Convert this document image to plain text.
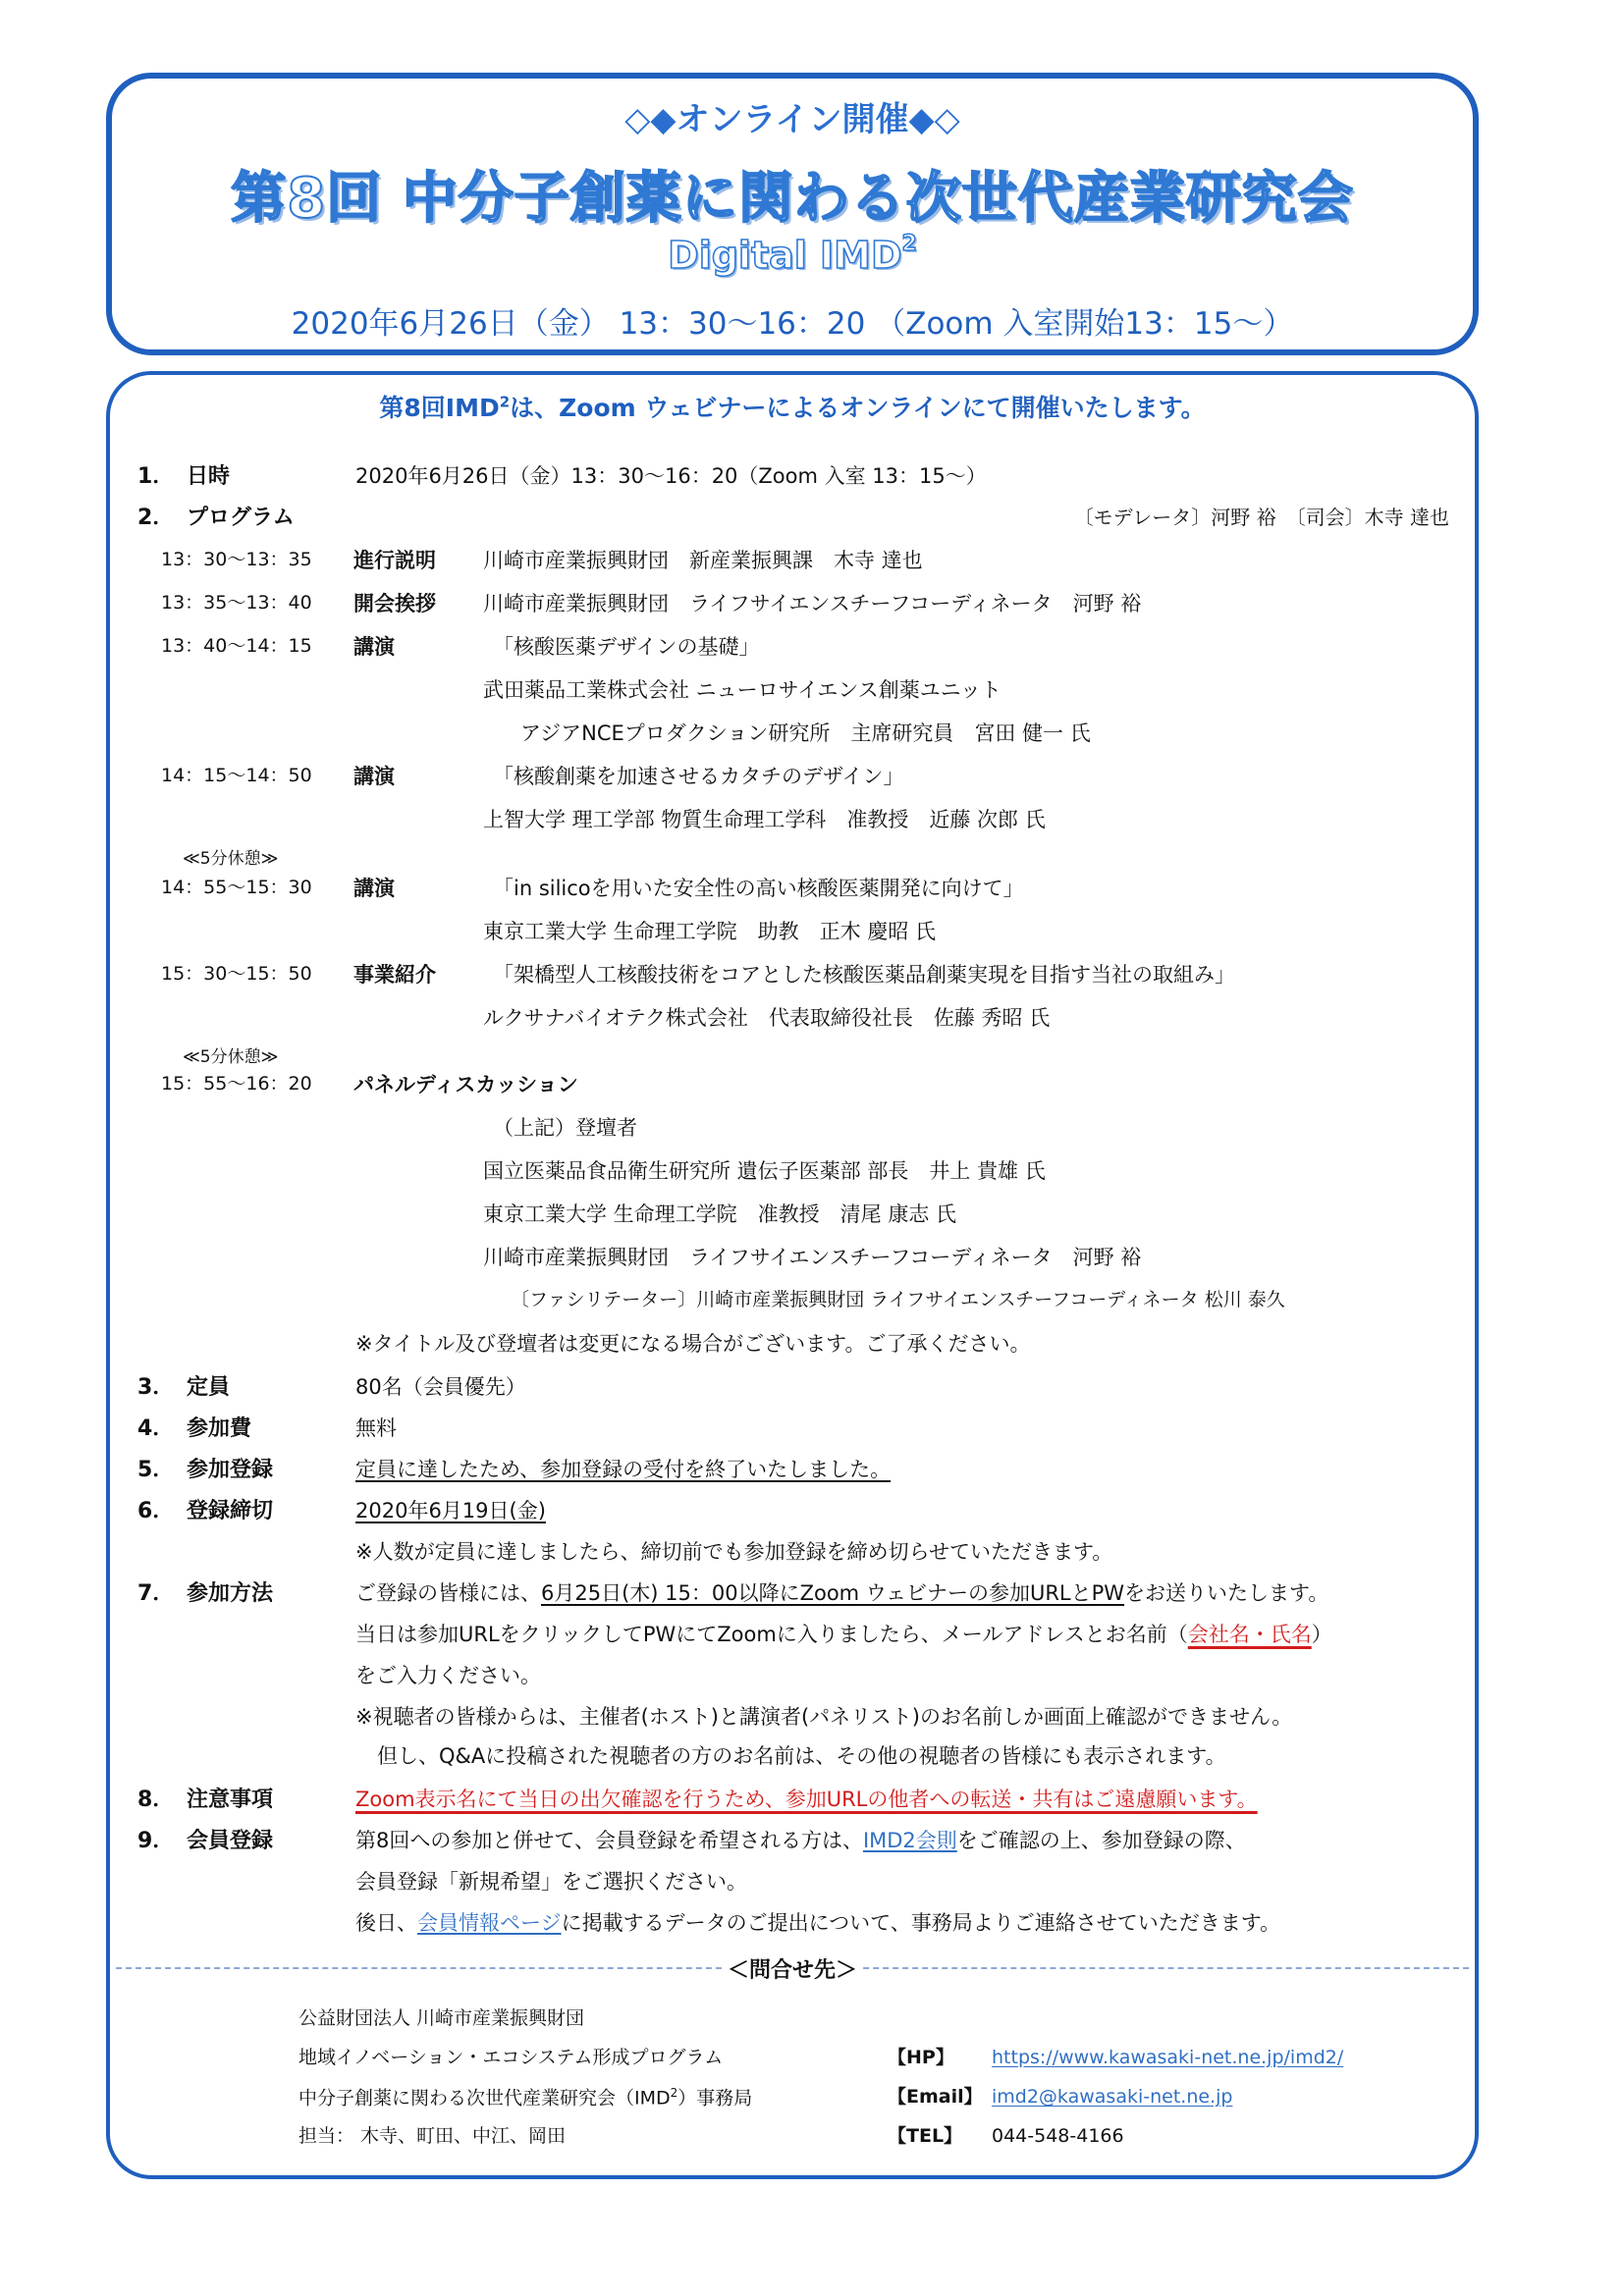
◇◆オンライン開催◆◇
第8回 中分子創薬に関わる次世代産業研究会
Digital IMD$^2$
2020年6月26日（金） 13：30～16：20 （Zoom 入室開始13：15～）
第8回IMD$^2$は、Zoom ウェビナーによるオンラインにて開催いたします。
1． 日時	2020年6月26日（金）13：30～16：20（Zoom 入室 13：15～）
2． プログラム	〔モデレータ〕河野 裕　〔司会〕木寺 達也
13：30～13：35 進行説明 川崎市産業振興財団　新産業振興課　木寺 達也
13：35～13：40 開会挨拶 川崎市産業振興財団　ライフサイエンスチーフコーディネータ　河野 裕
13：40～14：15 講演	「核酸医薬デザインの基礎」
武田薬品工業株式会社 ニューロサイエンス創薬ユニット
アジアNCEプロダクション研究所　主席研究員　宮田 健一 氏
14：15～14：50 講演	「核酸創薬を加速させるカタチのデザイン」
上智大学 理工学部 物質生命理工学科　准教授　近藤 次郎 氏
≪5分休憩≫
14：55～15：30 講演	「in silicoを用いた安全性の高い核酸医薬開発に向けて」
東京工業大学 生命理工学院　助教　正木 慶昭 氏
15：30～15：50 事業紹介	「架橋型人工核酸技術をコアとした核酸医薬品創薬実現を目指す当社の取組み」
ルクサナバイオテク株式会社　代表取締役社長　佐藤 秀昭 氏
≪5分休憩≫
15：55～16：20 パネルディスカッション
（上記）登壇者
国立医薬品食品衛生研究所 遺伝子医薬部 部長　井上 貴雄 氏
東京工業大学 生命理工学院　准教授　清尾 康志 氏
川崎市産業振興財団　ライフサイエンスチーフコーディネータ　河野 裕
〔ファシリテーター〕川崎市産業振興財団 ライフサイエンスチーフコーディネータ 松川 泰久
※タイトル及び登壇者は変更になる場合がございます。ご了承ください。
3． 定員	80名（会員優先）
4． 参加費	無料
5． 参加登録	定員に達したため、参加登録の受付を終了いたしました。
6． 登録締切	2020年6月19日(金)
※人数が定員に達しましたら、締切前でも参加登録を締め切らせていただきます。
7． 参加方法	ご登録の皆様には、6月25日(木) 15：00以降にZoom ウェビナーの参加URLとPWをお送りいたします。
当日は参加URLをクリックしてPWにてZoomに入りましたら、メールアドレスとお名前（会社名・氏名）
をご入力ください。
※視聴者の皆様からは、主催者(ホスト)と講演者(パネリスト)のお名前しか画面上確認ができません。
但し、Q&Aに投稿された視聴者の方のお名前は、その他の視聴者の皆様にも表示されます。
8． 注意事項	Zoom表示名にて当日の出欠確認を行うため、参加URLの他者への転送・共有はご遠慮願います。
9． 会員登録	第8回への参加と併せて、会員登録を希望される方は、IMD2会則をご確認の上、参加登録の際、
会員登録「新規希望」をご選択ください。
後日、会員情報ページに掲載するデータのご提出について、事務局よりご連絡させていただきます。
＜問合せ先＞
公益財団法人 川崎市産業振興財団
地域イノベーション・エコシステム形成プログラム	【HP】 https://www.kawasaki-net.ne.jp/imd2/
中分子創薬に関わる次世代産業研究会（IMD$^2$）事務局	【Email】 imd2@kawasaki-net.ne.jp
担当： 木寺、町田、中江、岡田	【TEL】 044-548-4166
